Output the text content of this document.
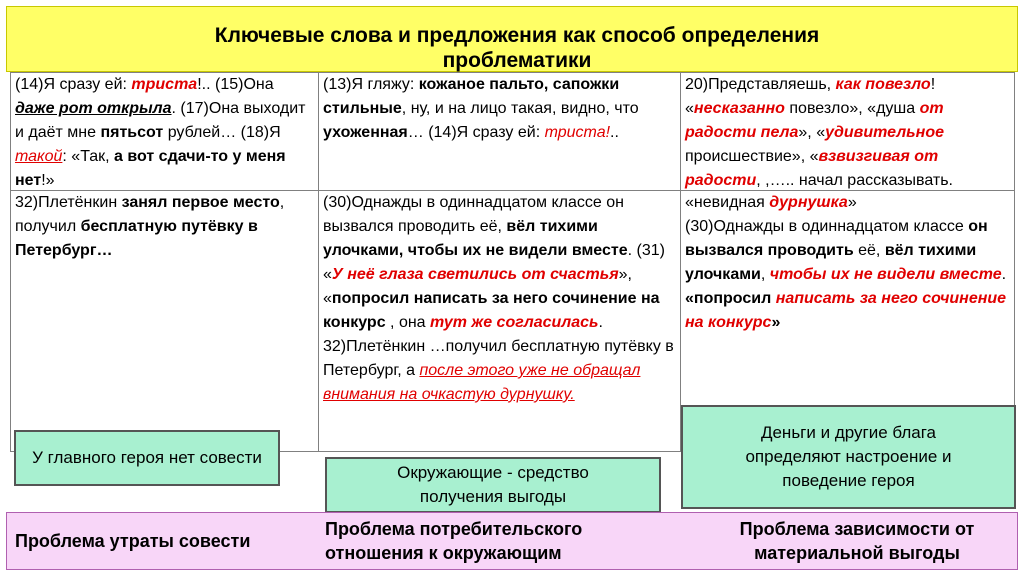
Ключевые слова и предложения как способ определения проблематики
(14)Я сразу ей: триста!.. (15)Она даже рот открыла. (17)Она выходит и даёт мне пятьсот рублей… (18)Я такой: «Так, а вот сдачи-то у меня нет!»
32)Плетёнкин занял первое место, получил бесплатную путёвку в Петербург…
(13)Я гляжу: кожаное пальто, сапожки стильные, ну, и на лицо такая, видно, что ухоженная… (14)Я сразу ей: триста!..
(30)Однажды в одиннадцатом классе он вызвался проводить её, вёл тихими улочками, чтобы их не видели вместе. (31) «У неё глаза светились от счастья», «попросил написать за него сочинение на конкурс , она тут же согласилась.
32)Плетёнкин …получил бесплатную путёвку в Петербург, а после этого уже не обращал внимания на очкастую дурнушку.
20)Представляешь, как повезло! «несказанно повезло», «душа от радости пела», «удивительное происшествие», «взвизгивая от радости, ,….. начал рассказывать.
«невидная дурнушка»
(30)Однажды в одиннадцатом классе он вызвался проводить её, вёл тихими улочками, чтобы их не видели вместе.
«попросил написать за него сочинение на конкурс»
У главного героя нет совести
Окружающие - средство получения выгоды
Деньги и другие блага определяют настроение и поведение героя
Проблема утраты совести
Проблема потребительского отношения к окружающим
Проблема зависимости от материальной выгоды
